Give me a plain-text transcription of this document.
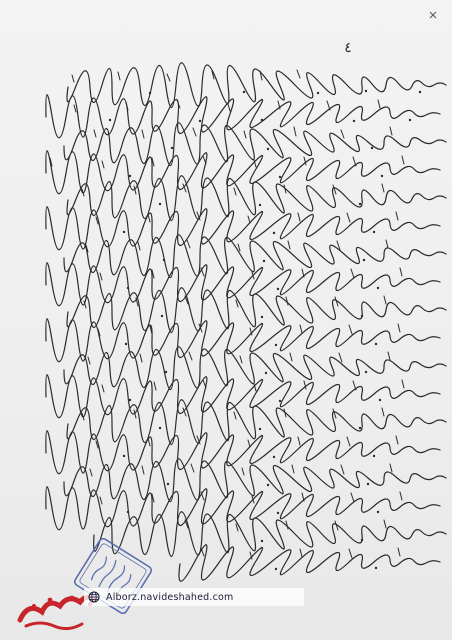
٤
Alborz.navideshahed.com
